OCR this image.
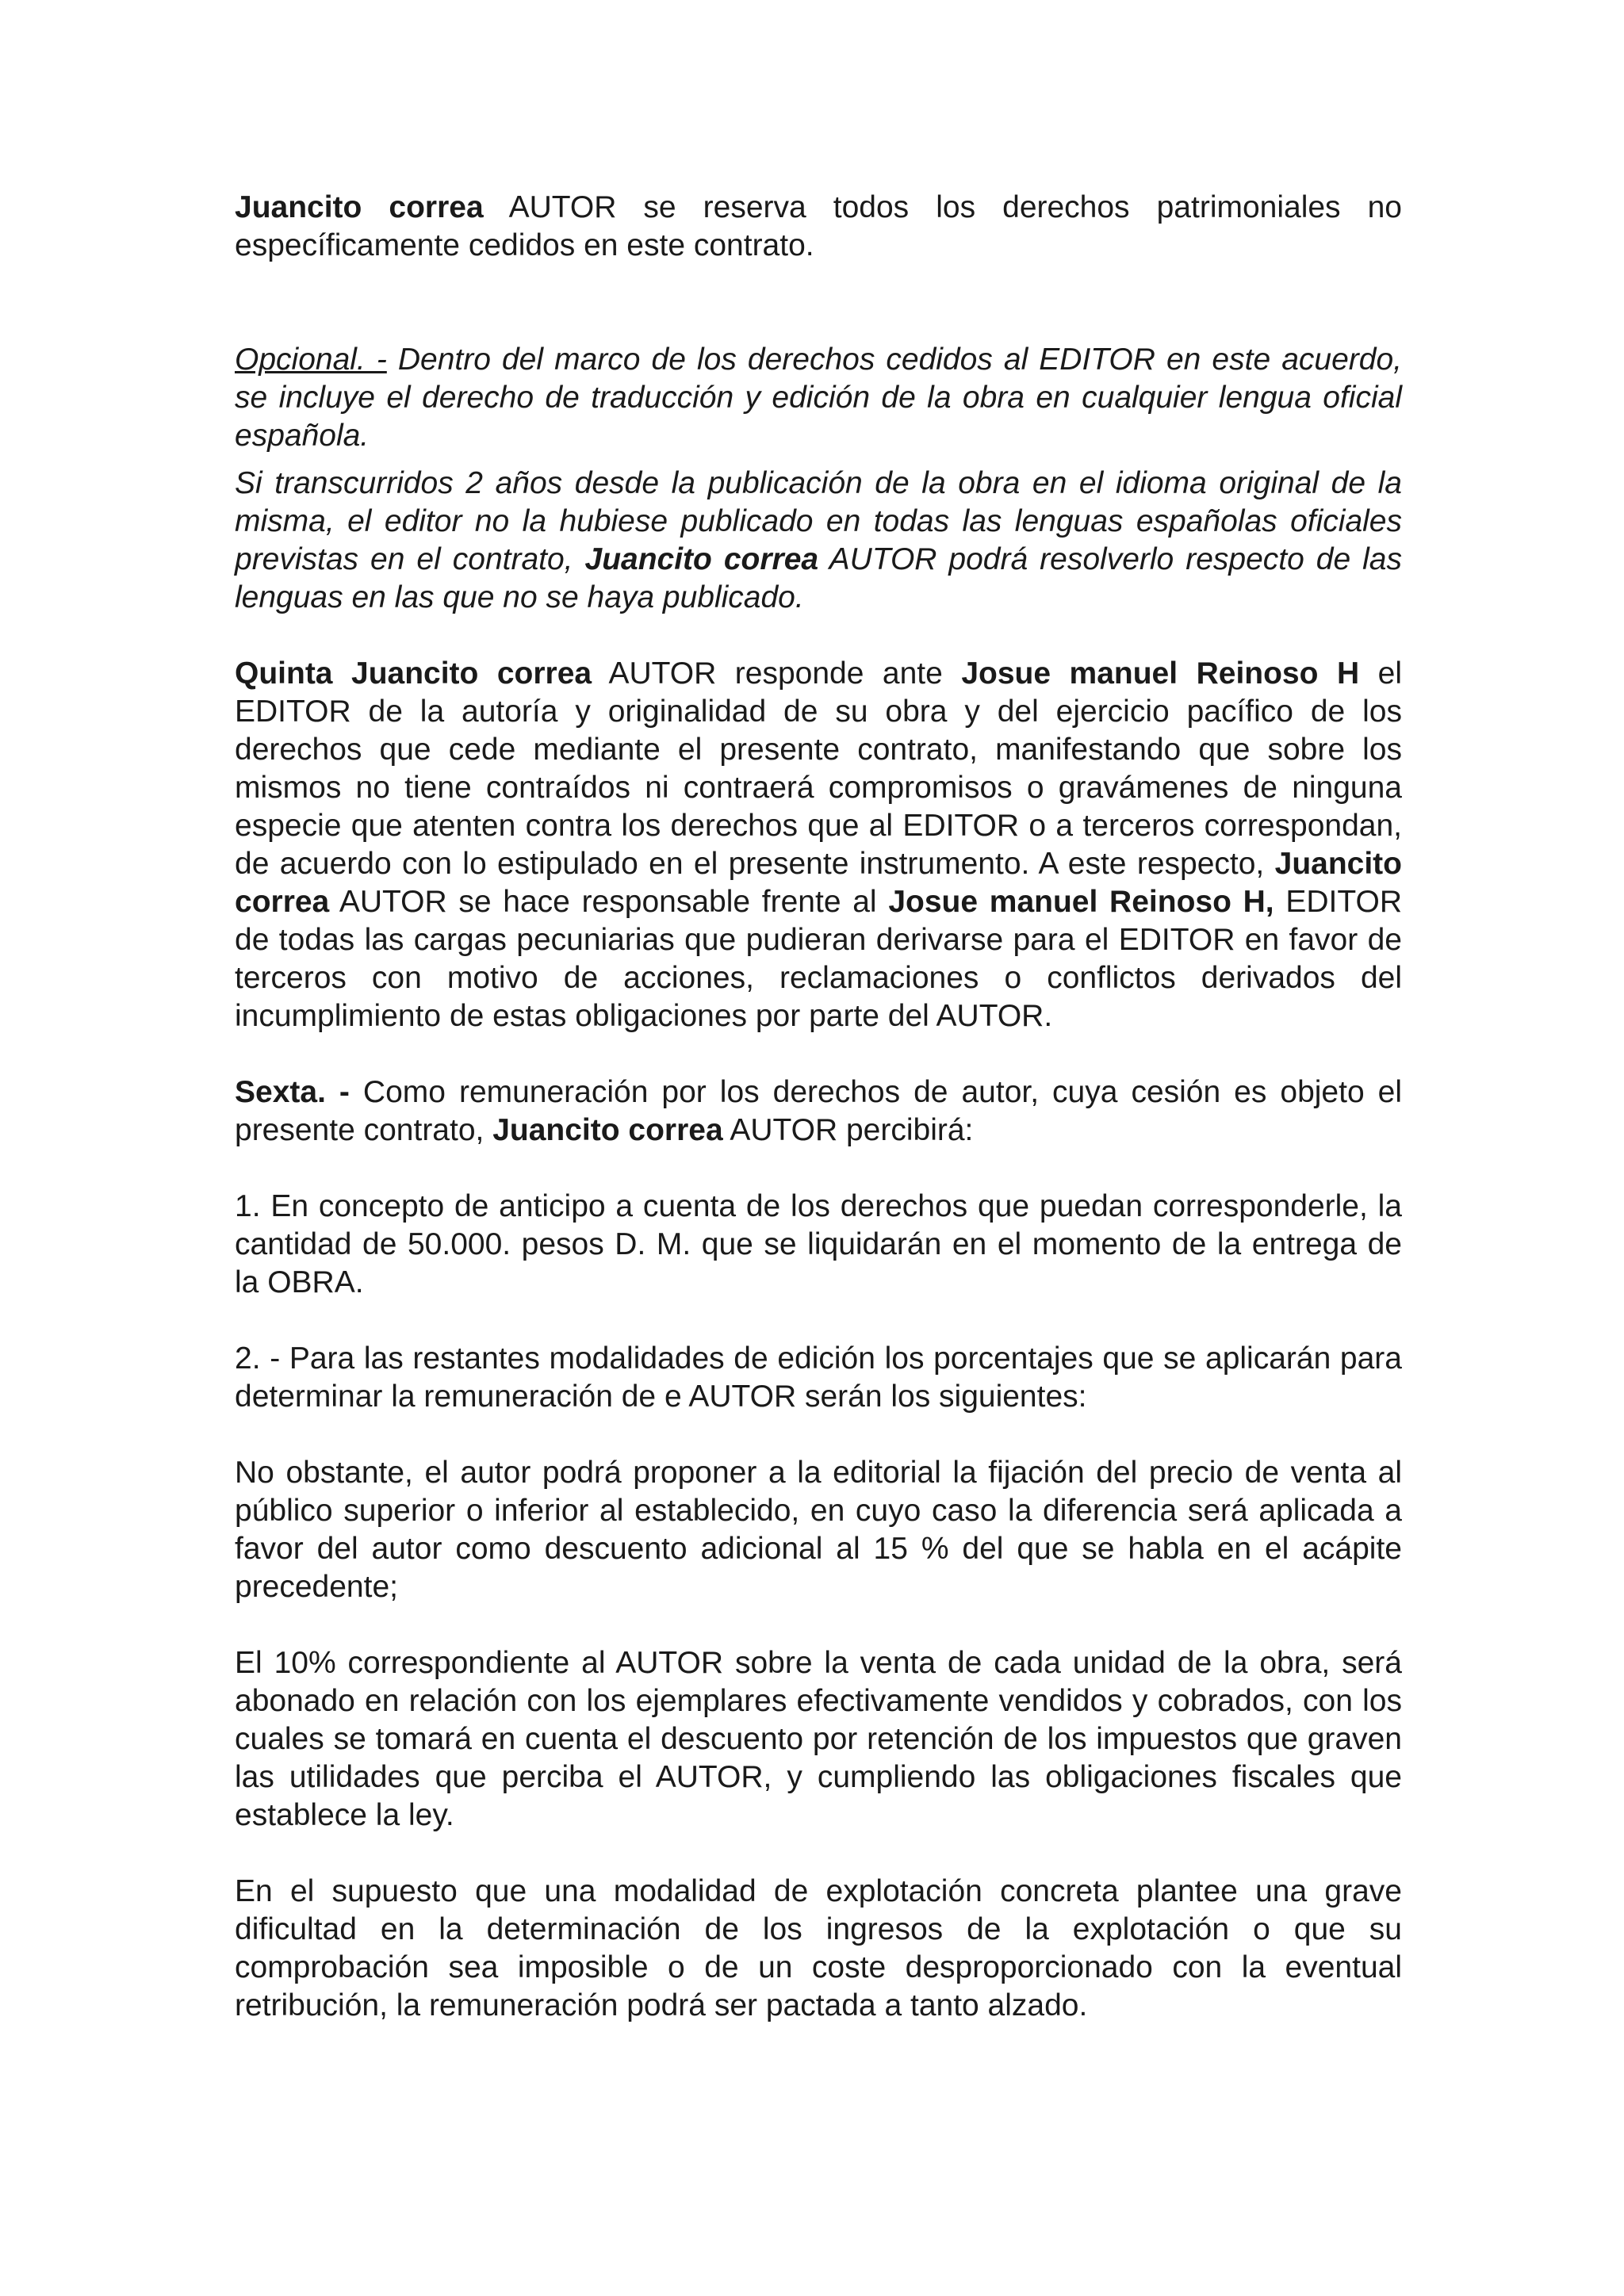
Juancito correa AUTOR se reserva todos los derechos patrimoniales no específicamente cedidos en este contrato.

Opcional. - Dentro del marco de los derechos cedidos al EDITOR en este acuerdo, se incluye el derecho de traducción y edición de la obra en cualquier lengua oficial española.

Si transcurridos 2 años desde la publicación de la obra en el idioma original de la misma, el editor no la hubiese publicado en todas las lenguas españolas oficiales previstas en el contrato, Juancito correa AUTOR podrá resolverlo respecto de las lenguas en las que no se haya publicado.

Quinta Juancito correa AUTOR responde ante Josue manuel Reinoso H el EDITOR de la autoría y originalidad de su obra y del ejercicio pacífico de los derechos que cede mediante el presente contrato, manifestando que sobre los mismos no tiene contraídos ni contraerá compromisos o gravámenes de ninguna especie que atenten contra los derechos que al EDITOR o a terceros correspondan, de acuerdo con lo estipulado en el presente instrumento. A este respecto, Juancito correa AUTOR se hace responsable frente al Josue manuel Reinoso H, EDITOR de todas las cargas pecuniarias que pudieran derivarse para el EDITOR en favor de terceros con motivo de acciones, reclamaciones o conflictos derivados del incumplimiento de estas obligaciones por parte del AUTOR.

Sexta. - Como remuneración por los derechos de autor, cuya cesión es objeto el presente contrato, Juancito correa AUTOR percibirá:

1. En concepto de anticipo a cuenta de los derechos que puedan corresponderle, la cantidad de 50.000. pesos D. M. que se liquidarán en el momento de la entrega de la OBRA.

2. - Para las restantes modalidades de edición los porcentajes que se aplicarán para determinar la remuneración de e AUTOR serán los siguientes:

No obstante, el autor podrá proponer a la editorial la fijación del precio de venta al público superior o inferior al establecido, en cuyo caso la diferencia será aplicada a favor del autor como descuento adicional al 15 % del que se habla en el acápite precedente;

El 10% correspondiente al AUTOR sobre la venta de cada unidad de la obra, será abonado en relación con los ejemplares efectivamente vendidos y cobrados, con los cuales se tomará en cuenta el descuento por retención de los impuestos que graven las utilidades que perciba el AUTOR, y cumpliendo las obligaciones fiscales que establece la ley.

En el supuesto que una modalidad de explotación concreta plantee una grave dificultad en la determinación de los ingresos de la explotación o que su comprobación sea imposible o de un coste desproporcionado con la eventual retribución, la remuneración podrá ser pactada a tanto alzado.
